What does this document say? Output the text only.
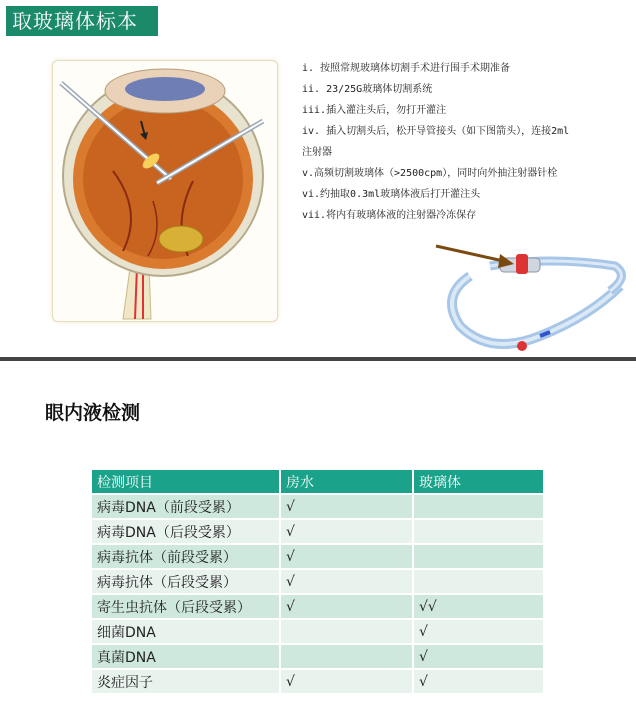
取玻璃体标本
i. 按照常规玻璃体切割手术进行围手术期准备
ii. 23/25G玻璃体切割系统
iii.插入灌注头后，勿打开灌注
iv. 插入切割头后，松开导管接头（如下图箭头），连接2ml
注射器
v.高频切割玻璃体（>2500cpm），同时向外抽注射器针栓
vi.约抽取0.3ml玻璃体液后打开灌注头
vii.将内有玻璃体液的注射器冷冻保存
眼内液检测
检测项目	房水	玻璃体
病毒DNA（前段受累）	√	
病毒DNA（后段受累）	√	
病毒抗体（前段受累）	√	
病毒抗体（后段受累）	√	
寄生虫抗体（后段受累）	√	√√
细菌DNA		√
真菌DNA		√
炎症因子	√	√
